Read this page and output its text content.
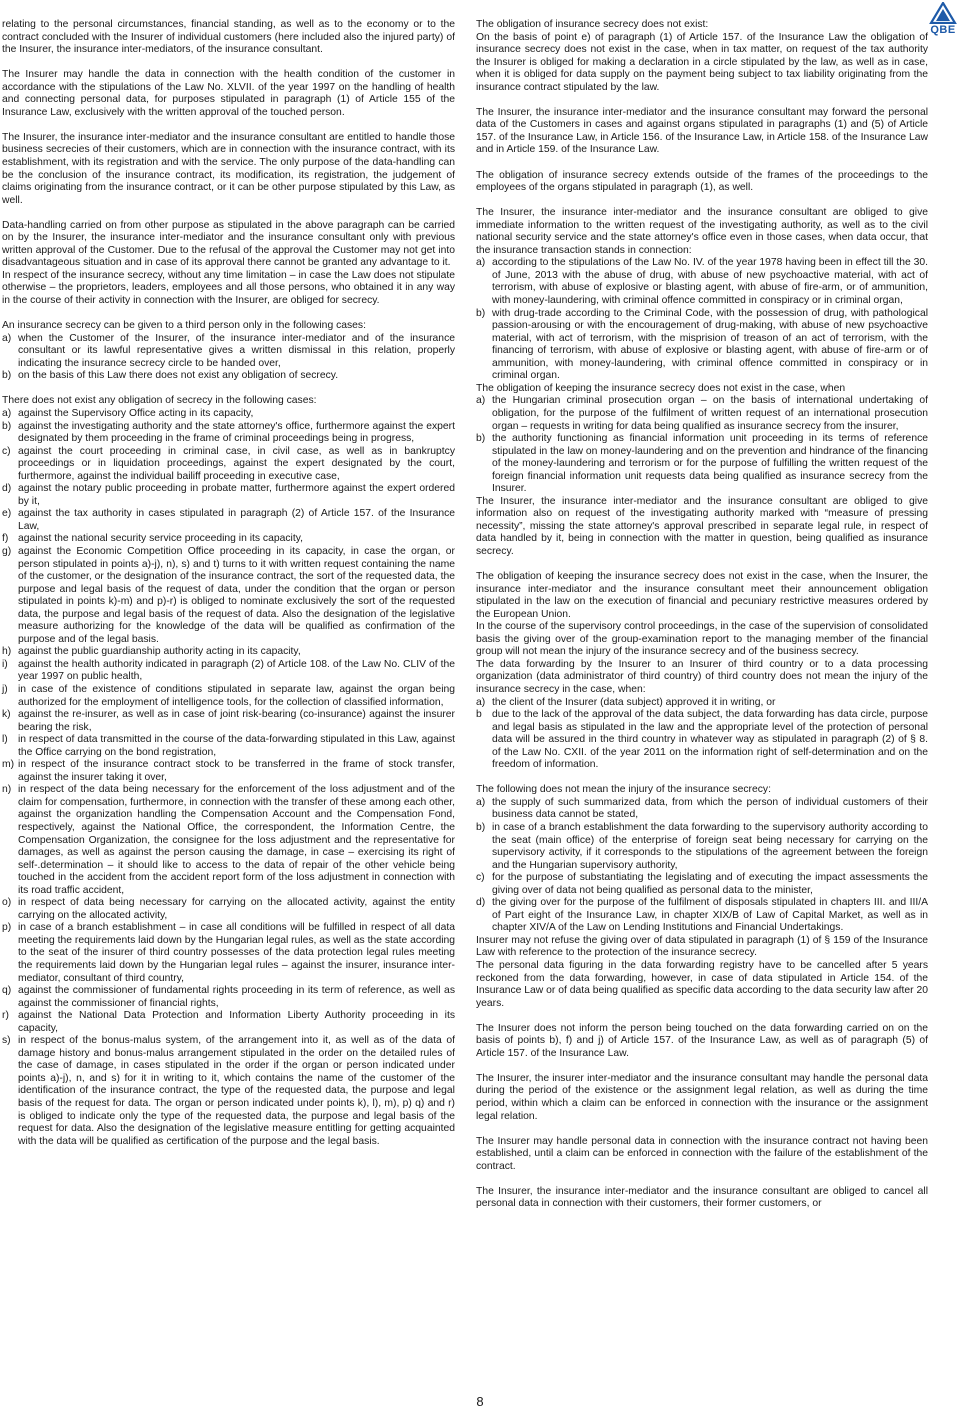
relating to the personal circumstances, financial standing, as well as to the economy or to the contract concluded with the Insurer of individual customers (here included also the injured party) of the Insurer, the insurance inter-mediators, of the insurance consultant.

The Insurer may handle the data in connection with the health condition of the customer in accordance with the stipulations of the Law No. XLVII. of the year 1997 on the handling of health and connecting personal data, for purposes stipulated in paragraph (1) of Article 155 of the Insurance Law, exclusively with the written approval of the touched person.

The Insurer, the insurance inter-mediator and the insurance consultant are entitled to handle those business secrecies of their customers, which are in connection with the insurance contract, with its establishment, with its registration and with the service. The only purpose of the data-handling can be the conclusion of the insurance contract, its modification, its registration, the judgement of claims originating from the insurance contract, or it can be other purpose stipulated by this Law, as well.

Data-handling carried on from other purpose as stipulated in the above paragraph can be carried on by the Insurer, the insurance inter-mediator and the insurance consultant only with previous written approval of the Customer. Due to the refusal of the approval the Customer may not get into disadvantageous situation and in case of its approval there cannot be granted any advantage to it.

In respect of the insurance secrecy, without any time limitation – in case the Law does not stipulate otherwise – the proprietors, leaders, employees and all those persons, who obtained it in any way in the course of their activity in connection with the Insurer, are obliged for secrecy.

An insurance secrecy can be given to a third person only in the following cases:

a) when the Customer of the Insurer, of the insurance inter-mediator and of the insurance consultant or its lawful representative gives a written dismissal in this relation, properly indicating the insurance secrecy circle to be handed over,
b) on the basis of this Law there does not exist any obligation of secrecy.

There does not exist any obligation of secrecy in the following cases:

a) against the Supervisory Office acting in its capacity,
b) against the investigating authority and the state attorney's office, furthermore against the expert designated by them proceeding in the frame of criminal proceedings being in progress,
c) against the court proceeding in criminal case, in civil case, as well as in bankruptcy proceedings or in liquidation proceedings, against the expert designated by the court, furthermore, against the individual bailiff proceeding in executive case,
d) against the notary public proceeding in probate matter, furthermore against the expert ordered by it,
e) against the tax authority in cases stipulated in paragraph (2) of Article 157. of the Insurance Law,
f) against the national security service proceeding in its capacity,
g) against the Economic Competition Office proceeding in its capacity, in case the organ, or person stipulated in points a)-j), n), s) and t) turns to it with written request containing the name of the customer, or the designation of the insurance contract, the sort of the requested data, the purpose and legal basis of the request of data, under the condition that the organ or person stipulated in points k)-m) and p)-r) is obliged to nominate exclusively the sort of the requested data, the purpose and legal basis of the request of data. Also the designation of the legislative measure authorizing for the knowledge of the data will be qualified as confirmation of the purpose and of the legal basis.
h) against the public guardianship authority acting in its capacity,
i) against the health authority indicated in paragraph (2) of Article 108. of the Law No. CLIV of the year 1997 on public health,
j) in case of the existence of conditions stipulated in separate law, against the organ being authorized for the employment of intelligence tools, for the collection of classified information,
k) against the re-insurer, as well as in case of joint risk-bearing (co-insurance) against the insurer bearing the risk,
l) in respect of data transmitted in the course of the data-forwarding stipulated in this Law, against the Office carrying on the bond registration,
m) in respect of the insurance contract stock to be transferred in the frame of stock transfer, against the insurer taking it over,
n) in respect of the data being necessary for the enforcement of the loss adjustment and of the claim for compensation, furthermore, in connection with the transfer of these among each other, against the organization handling the Compensation Account and the Compensation Fond, respectively, against the National Office, the correspondent, the Information Centre, the Compensation Organization, the consignee for the loss adjustment and the representative for damages, as well as against the person causing the damage, in case – exercising its right of self-.determination – it should like to access to the data of repair of the other vehicle being touched in the accident from the accident report form of the loss adjustment in connection with its road traffic accident,
o) in respect of data being necessary for carrying on the allocated activity, against the entity carrying on the allocated activity,
p) in case of a branch establishment – in case all conditions will be fulfilled in respect of all data meeting the requirements laid down by the Hungarian legal rules, as well as the state according to the seat of the insurer of third country possesses of the data protection legal rules meeting the requirements laid down by the Hungarian legal rules – against the insurer, insurance inter-mediator, consultant of third country,
q) against the commissioner of fundamental rights proceeding in its term of reference, as well as against the commissioner of financial rights,
r) against the National Data Protection and Information Liberty Authority proceeding in its capacity,
s) in respect of the bonus-malus system, of the arrangement into it, as well as of the data of damage history and bonus-malus arrangement stipulated in the order on the detailed rules of the case of damage, in cases stipulated in the order if the organ or person indicated under points a)-j), n, and s) for it in writing to it, which contains the name of the customer of the identification of the insurance contract, the type of the requested data, the purpose and legal basis of the request for data. The organ or person indicated under points k), l), m), p) q) and r) is obliged to indicate only the type of the requested data, the purpose and legal basis of the request for data. Also the designation of the legislative measure entitling for getting acquainted with the data will be qualified as certification of the purpose and the legal basis.

The obligation of insurance secrecy does not exist:

On the basis of point e) of paragraph (1) of Article 157. of the Insurance Law the obligation of insurance secrecy does not exist in the case, when in tax matter, on request of the tax authority the Insurer is obliged for making a declaration in a circle stipulated by the law, as well as in case, when it is obliged for data supply on the payment being subject to tax liability originating from the insurance contract stipulated by the law.

The Insurer, the insurance inter-mediator and the insurance consultant may forward the personal data of the Customers in cases and against organs stipulated in paragraphs (1) and (5) of Article 157. of the Insurance Law, in Article 156. of the Insurance Law, in Article 158. of the Insurance Law and in Article 159. of the Insurance Law.

The obligation of insurance secrecy extends outside of the frames of the proceedings to the employees of the organs stipulated in paragraph (1), as well.

The Insurer, the insurance inter-mediator and the insurance consultant are obliged to give immediate information to the written request of the investigating authority, as well as to the civil national security service and the state attorney's office even in those cases, when data occur, that the insurance transaction stands in connection:

a) according to the stipulations of the Law No. IV. of the year 1978 having been in effect till the 30. of June, 2013 with the abuse of drug, with abuse of new psychoactive material, with act of terrorism, with abuse of explosive or blasting agent, with abuse of fire-arm, or of ammunition, with money-laundering, with criminal offence committed in conspiracy or in criminal organ,
b) with drug-trade according to the Criminal Code, with the possession of drug, with pathological passion-arousing or with the encouragement of drug-making, with abuse of new psychoactive material, with act of terrorism, with the misprision of treason of an act of terrorism, with the financing of terrorism, with abuse of explosive or blasting agent, with abuse of fire-arm or of ammunition, with money-laundering, with criminal offence committed in conspiracy or in criminal organ.

The obligation of keeping the insurance secrecy does not exist in the case, when

a) the Hungarian criminal prosecution organ – on the basis of international undertaking of obligation, for the purpose of the fulfilment of written request of an international prosecution organ – requests in writing for data being qualified as insurance secrecy from the insurer,
b) the authority functioning as financial information unit proceeding in its terms of reference stipulated in the law on money-laundering and on the prevention and hindrance of the financing of the money-laundering and terrorism or for the purpose of fulfilling the written request of the foreign financial information unit requests data being qualified as insurance secrecy from the Insurer.

The Insurer, the insurance inter-mediator and the insurance consultant are obliged to give information also on request of the investigating authority marked with “measure of pressing necessity”, missing the state attorney's approval prescribed in separate legal rule, in respect of data handled by it, being in connection with the matter in question, being qualified as insurance secrecy.

The obligation of keeping the insurance secrecy does not exist in the case, when the Insurer, the insurance inter-mediator and the insurance consultant meet their announcement obligation stipulated in the law on the execution of financial and pecuniary restrictive measures ordered by the European Union.

In the course of the supervisory control proceedings, in the case of the supervision of consolidated basis the giving over of the group-examination report to the managing member of the financial group will not mean the injury of the insurance secrecy and of the business secrecy.

The data forwarding by the Insurer to an Insurer of third country or to a data processing organization (data administrator of third country) of third country does not mean the injury of the insurance secrecy in the case, when:

a) the client of the Insurer (data subject) approved it in writing, or
b due to the lack of the approval of the data subject, the data forwarding has data circle, purpose and legal basis as stipulated in the law and the appropriate level of the protection of personal data will be assured in the third country in whatever way as stipulated in paragraph (2) of § 8. of the Law No. CXII. of the year 2011 on the information right of self-determination and on the freedom of information.

The following does not mean the injury of the insurance secrecy:

a) the supply of such summarized data, from which the person of individual customers of their business data cannot be stated,
b) in case of a branch establishment the data forwarding to the supervisory authority according to the seat (main office) of the enterprise of foreign seat being necessary for carrying on the supervisory activity, if it corresponds to the stipulations of the agreement between the foreign and the Hungarian supervisory authority,
c) for the purpose of substantiating the legislating and of executing the impact assessments the giving over of data not being qualified as personal data to the minister,
d) the giving over for the purpose of the fulfilment of disposals stipulated in chapters III. and III/A of Part eight of the Insurance Law, in chapter XIX/B of Law of Capital Market, as well as in chapter XIV/A of the Law on Lending Institutions and Financial Undertakings.

Insurer may not refuse the giving over of data stipulated in paragraph (1) of § 159 of the Insurance Law with reference to the protection of the insurance secrecy.

The personal data figuring in the data forwarding registry have to be cancelled after 5 years reckoned from the data forwarding, however, in case of data stipulated in Article 154. of the Insurance Law or of data being qualified as specific data according to the data security law after 20 years.

The Insurer does not inform the person being touched on the data forwarding carried on on the basis of points b), f) and j) of Article 157. of the Insurance Law, as well as of paragraph (5) of Article 157. of the Insurance Law.

The Insurer, the insurer inter-mediator and the insurance consultant may handle the personal data during the period of the existence or the assignment legal relation, as well as during the time period, within which a claim can be enforced in connection with the insurance or the assignment legal relation.

The Insurer may handle personal data in connection with the insurance contract not having been established, until a claim can be enforced in connection with the failure of the establishment of the contract.

The Insurer, the insurance inter-mediator and the insurance consultant are obliged to cancel all personal data in connection with their customers, their former customers, or

QBE
8
